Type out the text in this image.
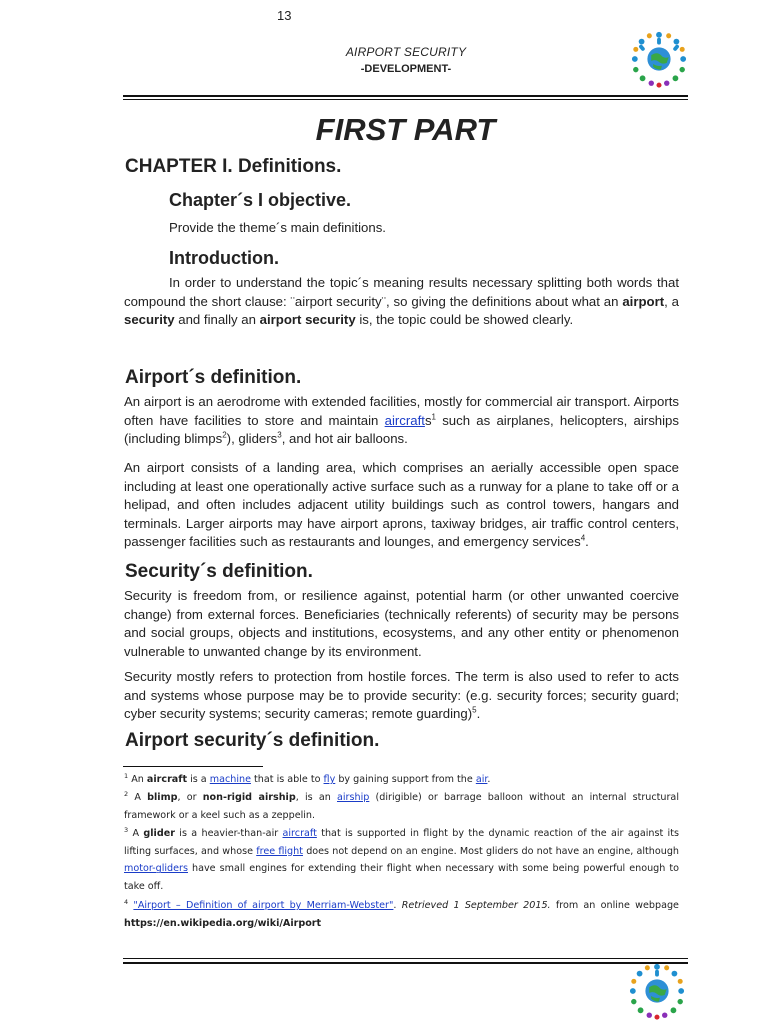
13
AIRPORT SECURITY
-DEVELOPMENT-
FIRST PART
CHAPTER I. Definitions.
Chapter´s I objective.
Provide the theme´s main definitions.
Introduction.
In order to understand the topic´s meaning results necessary splitting both words that compound the short clause: ¨airport security¨, so giving the definitions about what an airport, a security and finally an airport security is, the topic could be showed clearly.
Airport´s definition.
An airport is an aerodrome with extended facilities, mostly for commercial air transport. Airports often have facilities to store and maintain aircrafts$^1$ such as airplanes, helicopters, airships (including blimps$^2$), gliders$^3$, and hot air balloons.
An airport consists of a landing area, which comprises an aerially accessible open space including at least one operationally active surface such as a runway for a plane to take off or a helipad, and often includes adjacent utility buildings such as control towers, hangars and terminals. Larger airports may have airport aprons, taxiway bridges, air traffic control centers, passenger facilities such as restaurants and lounges, and emergency services$^4$.
Security´s definition.
Security is freedom from, or resilience against, potential harm (or other unwanted coercive change) from external forces. Beneficiaries (technically referents) of security may be persons and social groups, objects and institutions, ecosystems, and any other entity or phenomenon vulnerable to unwanted change by its environment.
Security mostly refers to protection from hostile forces. The term is also used to refer to acts and systems whose purpose may be to provide security: (e.g. security forces; security guard; cyber security systems; security cameras; remote guarding)$^5$.
Airport security´s definition.
$^1$ An aircraft is a machine that is able to fly by gaining support from the air.
$^2$ A blimp, or non-rigid airship, is an airship (dirigible) or barrage balloon without an internal structural framework or a keel such as a zeppelin.
$^3$ A glider is a heavier-than-air aircraft that is supported in flight by the dynamic reaction of the air against its lifting surfaces, and whose free flight does not depend on an engine. Most gliders do not have an engine, although motor-gliders have small engines for extending their flight when necessary with some being powerful enough to take off.
$^4$ "Airport – Definition of airport by Merriam-Webster". Retrieved 1 September 2015. from an online webpage https://en.wikipedia.org/wiki/Airport
